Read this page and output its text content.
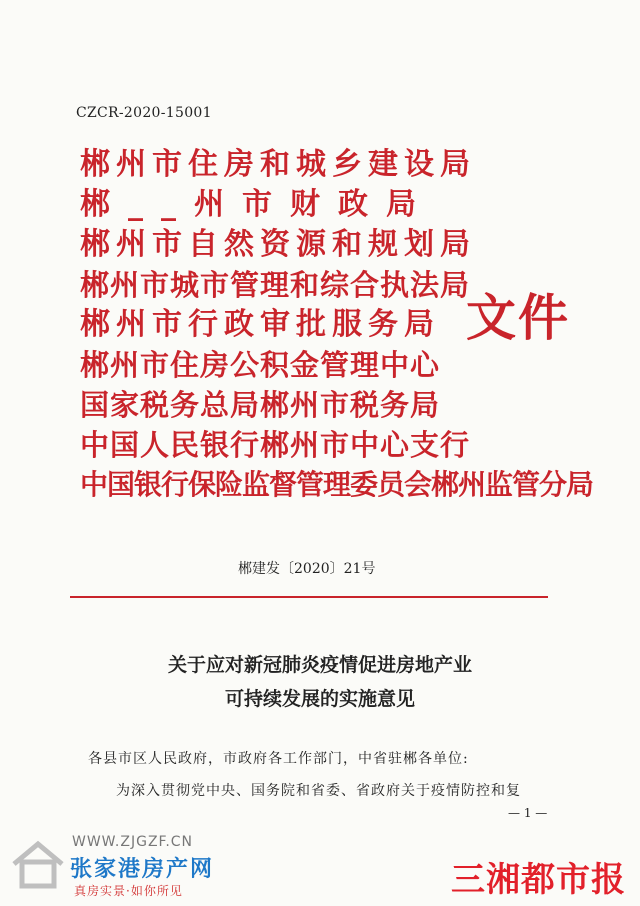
CZCR-2020-15001
郴州市住房和城乡建设局
郴__州市财政局
郴州市自然资源和规划局
郴州市城市管理和综合执法局
郴州市行政审批服务局
郴州市住房公积金管理中心
国家税务总局郴州市税务局
中国人民银行郴州市中心支行
中国银行保险监督管理委员会郴州监管分局
文件
郴建发〔2020〕21号
关于应对新冠肺炎疫情促进房地产业
可持续发展的实施意见
各县市区人民政府，市政府各工作部门，中省驻郴各单位:
为深入贯彻党中央、国务院和省委、省政府关于疫情防控和复
— 1 —
WWW.ZJGZF.CN
张家港房产网
真房实景·如你所见	三湘都市报
